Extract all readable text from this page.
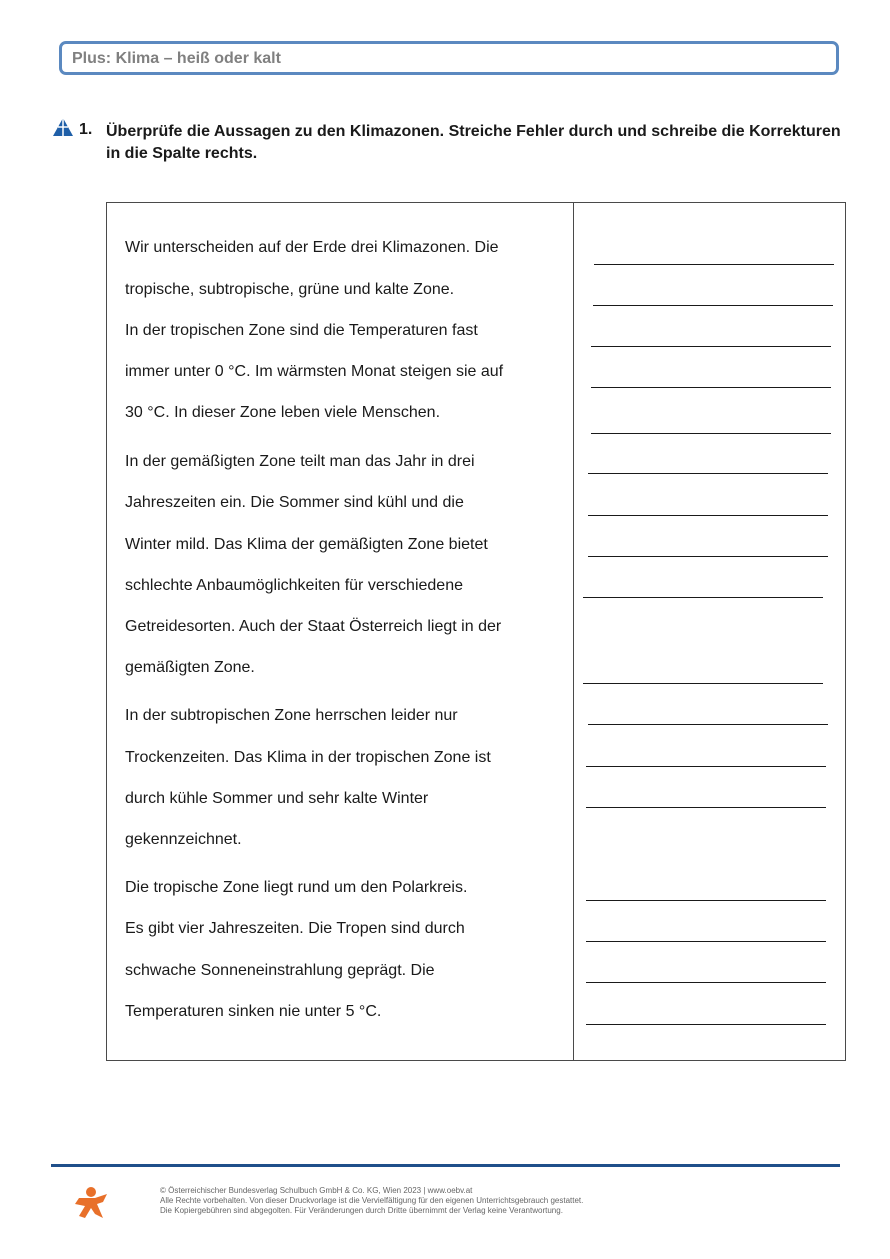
Plus: Klima – heiß oder kalt
1. Überprüfe die Aussagen zu den Klimazonen. Streiche Fehler durch und schreibe die Korrekturen in die Spalte rechts.
Wir unterscheiden auf der Erde drei Klimazonen. Die
tropische, subtropische, grüne und kalte Zone.
In der tropischen Zone sind die Temperaturen fast
immer unter 0 °C. Im wärmsten Monat steigen sie auf
30 °C. In dieser Zone leben viele Menschen.
In der gemäßigten Zone teilt man das Jahr in drei
Jahreszeiten ein. Die Sommer sind kühl und die
Winter mild. Das Klima der gemäßigten Zone bietet
schlechte Anbaumöglichkeiten für verschiedene
Getreidesorten. Auch der Staat Österreich liegt in der
gemäßigten Zone.
In der subtropischen Zone herrschen leider nur
Trockenzeiten. Das Klima in der tropischen Zone ist
durch kühle Sommer und sehr kalte Winter
gekennzeichnet.
Die tropische Zone liegt rund um den Polarkreis.
Es gibt vier Jahreszeiten. Die Tropen sind durch
schwache Sonneneinstrahlung geprägt. Die
Temperaturen sinken nie unter 5 °C.
© Österreichischer Bundesverlag Schulbuch GmbH & Co. KG, Wien 2023 | www.oebv.at
Alle Rechte vorbehalten. Von dieser Druckvorlage ist die Vervielfältigung für den eigenen Unterrichtsgebrauch gestattet.
Die Kopiergebühren sind abgegolten. Für Veränderungen durch Dritte übernimmt der Verlag keine Verantwortung.
